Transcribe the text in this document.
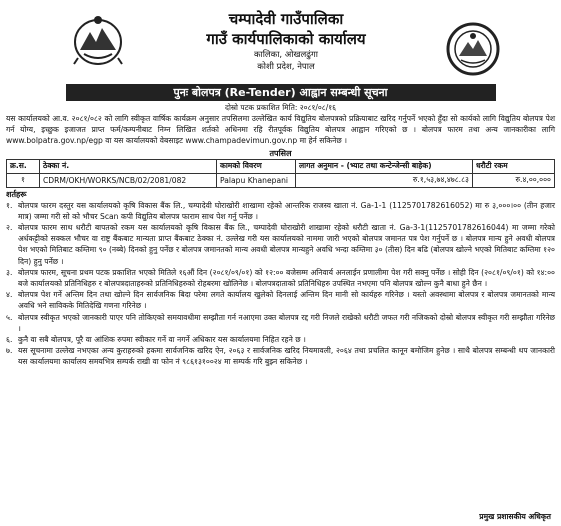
चम्पादेवी गाउँपालिका
गाउँ कार्यपालिकाको कार्यालय
कालिका, ओखलढुंगा
कोशी प्रदेश, नेपाल
पुनः बोलपत्र (Re-Tender) आह्वान सम्बन्धी सूचना
दोस्रो पटक प्रकाशित मिति: २०८१/०८/१६

यस कार्यालयको आ.व. २०८१/०८२ को लागि स्वीकृत वार्षिक कार्यक्रम अनुसार तपसिलमा उल्लेखित कार्य विद्युतिय बोलपत्रको प्रक्रियाबाट खरिद गर्नुपर्ने भएको हुँदा सो कार्यको लागि विद्युतिय बोलपत्र पेश गर्न योग्य, इच्छुक इजाजत प्राप्त फर्म/कम्पनीबाट निम्न लिखित शर्तको अधिनमा रहि रीतपूर्वक विद्युतिय बोलपत्र आह्वान गरिएको छ । बोलपत्र फारम तथा अन्य जानकारीका लागि www.bolpatra.gov.np/egp वा यस कार्यालयको वेबसाइट www.champadevimun.gov.np मा हेर्न सकिनेछ ।

तपसिल
क्र.स.	ठेक्का नं.	कामको विवरण	लागत अनुमान - (भ्याट तथा कन्टेन्जेन्सी बाहेक)	धरौटी रकम
१	CDRM/OKH/WORKS/NCB/02/2081/082	Palapu Khanepani	रु.१,५३,७४,४७८.८३	रु.४,००,०००
शर्तहरू
१. बोलपत्र फारम दस्तुर यस कार्यालयको कृषि विकास बैंक लि., चम्पादेवी घोराखोरी शाखामा रहेको आन्तरिक राजस्व खाता नं. Ga-1-1 (1125701782616052) मा रु ३,०००।०० (तीन हजार मात्र) जम्मा गरी सो को भौचर Scan कपी विद्युतिय बोलपत्र फाराम साथ पेश गर्नु पर्नेछ ।
२. बोलपत्र फारम साथ धरौटी बापतको रकम यस कार्यालयको कृषि विकास बैंक लि., चम्पादेवी घोराखोरी शाखामा रहेको धरौटी खाता नं. Ga-3-1(1125701782616044) मा जम्मा गरेको अर्धकट्टीको सक्कल भौचर वा राष्ट्र बैंकबाट मान्यता प्राप्त बैंकबाट ठेक्का नं. उल्लेख गरी यस कार्यालयको नाममा जारी भएको बोलपत्र जमानत पत्र पेश गर्नुपर्ने छ । बोलपत्र मान्य हुने अवधी बोलपत्र पेश भएको मितिबाट कम्तिमा ९० (नब्बे) दिनको हुनु पर्नेछ र बोलपत्र जमानतको मान्य अवधी बोलपत्र मान्यहुने अवधि भन्दा कम्तिमा ३० (तीस) दिन बढि (बोलपत्र खोल्ने भएको मितिबाट कम्तिमा १२० दिन) हुनु पर्नेछ ।
३. बोलपत्र फारम, सूचना प्रथम पटक प्रकाशित भएको मितिले १६औं दिन (२०८१/०९/०१) को १२:०० बजेसम्म अनिवार्य अनलाईन प्रणालीमा पेश गरी सक्नु पर्नेछ । सोही दिन (२०८१/०९/०१) को १४:०० बजे कार्यालयको प्रतिनिधिहरु र बोलपत्रदाताहरुको प्रतिनिधिहरुको रोहबरमा खोलिनेछ । बोलपत्रदाताको प्रतिनिधिहरु उपस्थित नभएमा पनि बोलपत्र खोल्न कुनै बाधा हुने छैन ।
४. बोलपत्र पेश गर्ने अन्तिम दिन तथा खोल्ने दिन सार्वजनिक बिदा परेमा लगते कार्यालय खुलेको दिनलाई अन्तिम दिन मानी सो कार्यहरु गरिनेछ । यस्तो अवस्थामा बोलपत्र र बोलपत्र जमानतको मान्य अवधि भने साविकके मितिदेखि गणना गरिनेछ ।
५. बोलपत्र स्वीकृत भएको जानकारी पाएर पनि तोकिएको समयावधीमा सम्झौता गर्न नआएमा उक्त बोलपत्र रद्द गरी निजले राखेको धरौटी जफत गरी नजिकको दोस्रो बोलपत्र स्वीकृत गरी सम्झौता गरिनेछ ।
६. कुनै वा सबै बोलपत्र, पूरै वा आंशिक रुपमा स्वीकार गर्ने वा नगर्ने अधिकार यस कार्यालयमा निहित रहने छ ।
७. यस सूचनामा उल्लेख नभएका अन्य कुराहरुको हकमा सार्वजनिक खरिद ऐन, २०६३ र सार्वजनिक खरिद नियमावली, २०६४ तथा प्रचलित कानून बमोजिम हुनेछ । साथै बोलपत्र सम्बन्धी थप जानकारी यस कार्यालयमा कार्यालय समयभित्र सम्पर्क राखी वा फोन नं ९८६१३१००२४ मा सम्पर्क गरि बुझ्न सकिनेछ ।
प्रमुख प्रशासकीय अधिकृत
